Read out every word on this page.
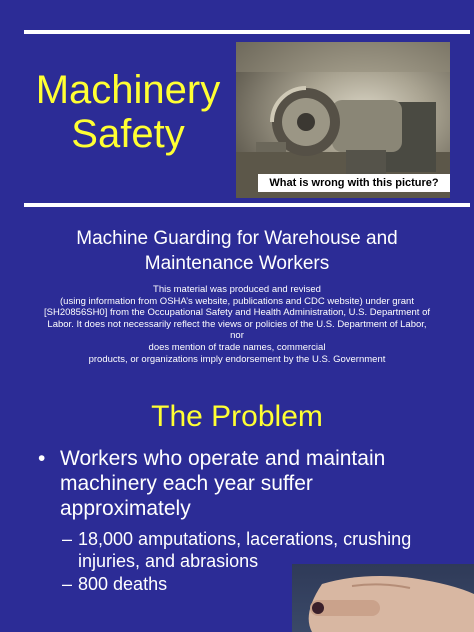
Machinery
Safety
What is wrong with this picture?
Machine Guarding for Warehouse and
Maintenance Workers
This material was produced and revised
(using information from OSHA’s website, publications and CDC website) under grant
[SH20856SH0] from the Occupational Safety and Health Administration, U.S. Department of
Labor. It does not necessarily reflect the views or policies of the U.S. Department of Labor, nor
does mention of trade names, commercial
products, or organizations imply endorsement by the U.S. Government
The Problem
• Workers who operate and maintain
machinery each year suffer
approximately
– 18,000 amputations, lacerations, crushing
injuries, and abrasions
– 800 deaths
